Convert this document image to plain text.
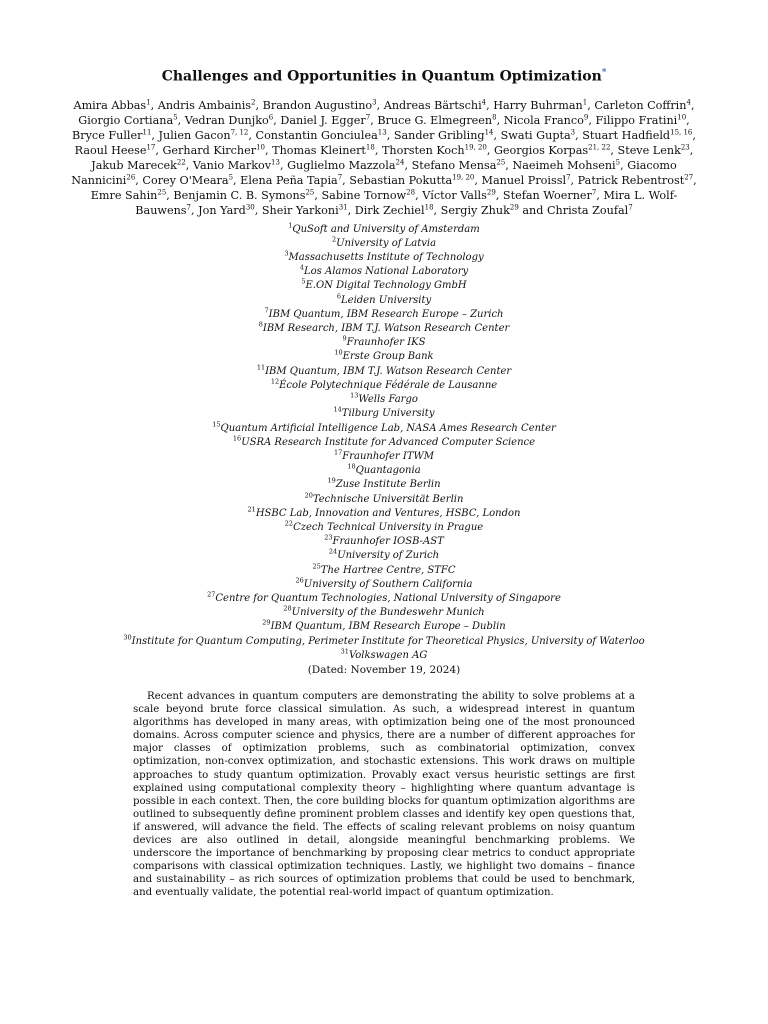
Challenges and Opportunities in Quantum Optimization*
Amira Abbas$^1$, Andris Ambainis$^2$, Brandon Augustino$^3$, Andreas Bärtschi$^4$, Harry Buhrman$^1$, Carleton Coffrin$^4$, Giorgio Cortiana$^5$, Vedran Dunjko$^6$, Daniel J. Egger$^7$, Bruce G. Elmegreen$^8$, Nicola Franco$^9$, Filippo Fratini$^{10}$, Bryce Fuller$^{11}$, Julien Gacon$^{7, 12}$, Constantin Gonciulea$^{13}$, Sander Gribling$^{14}$, Swati Gupta$^3$, Stuart Hadfield$^{15, 16}$, Raoul Heese$^{17}$, Gerhard Kircher$^{10}$, Thomas Kleinert$^{18}$, Thorsten Koch$^{19, 20}$, Georgios Korpas$^{21, 22}$, Steve Lenk$^{23}$, Jakub Marecek$^{22}$, Vanio Markov$^{13}$, Guglielmo Mazzola$^{24}$, Stefano Mensa$^{25}$, Naeimeh Mohseni$^5$, Giacomo Nannicini$^{26}$, Corey O'Meara$^5$, Elena Peña Tapia$^7$, Sebastian Pokutta$^{19, 20}$, Manuel Proissl$^7$, Patrick Rebentrost$^{27}$, Emre Sahin$^{25}$, Benjamin C. B. Symons$^{25}$, Sabine Tornow$^{28}$, Víctor Valls$^{29}$, Stefan Woerner$^7$, Mira L. Wolf-Bauwens$^7$, Jon Yard$^{30}$, Sheir Yarkoni$^{31}$, Dirk Zechiel$^{18}$, Sergiy Zhuk$^{29}$ and Christa Zoufal$^7$
$^1$QuSoft and University of Amsterdam
$^2$University of Latvia
$^3$Massachusetts Institute of Technology
$^4$Los Alamos National Laboratory
$^5$E.ON Digital Technology GmbH
$^6$Leiden University
$^7$IBM Quantum, IBM Research Europe – Zurich
$^8$IBM Research, IBM T.J. Watson Research Center
$^9$Fraunhofer IKS
$^{10}$Erste Group Bank
$^{11}$IBM Quantum, IBM T.J. Watson Research Center
$^{12}$École Polytechnique Fédérale de Lausanne
$^{13}$Wells Fargo
$^{14}$Tilburg University
$^{15}$Quantum Artificial Intelligence Lab, NASA Ames Research Center
$^{16}$USRA Research Institute for Advanced Computer Science
$^{17}$Fraunhofer ITWM
$^{18}$Quantagonia
$^{19}$Zuse Institute Berlin
$^{20}$Technische Universität Berlin
$^{21}$HSBC Lab, Innovation and Ventures, HSBC, London
$^{22}$Czech Technical University in Prague
$^{23}$Fraunhofer IOSB-AST
$^{24}$University of Zurich
$^{25}$The Hartree Centre, STFC
$^{26}$University of Southern California
$^{27}$Centre for Quantum Technologies, National University of Singapore
$^{28}$University of the Bundeswehr Munich
$^{29}$IBM Quantum, IBM Research Europe – Dublin
$^{30}$Institute for Quantum Computing, Perimeter Institute for Theoretical Physics, University of Waterloo
$^{31}$Volkswagen AG
(Dated: November 19, 2024)

Recent advances in quantum computers are demonstrating the ability to solve problems at a scale beyond brute force classical simulation. As such, a widespread interest in quantum algorithms has developed in many areas, with optimization being one of the most pronounced domains. Across computer science and physics, there are a number of different approaches for major classes of optimization problems, such as combinatorial optimization, convex optimization, non-convex optimization, and stochastic extensions. This work draws on multiple approaches to study quantum optimization. Provably exact versus heuristic settings are first explained using computational complexity theory – highlighting where quantum advantage is possible in each context. Then, the core building blocks for quantum optimization algorithms are outlined to subsequently define prominent problem classes and identify key open questions that, if answered, will advance the field. The effects of scaling relevant problems on noisy quantum devices are also outlined in detail, alongside meaningful benchmarking problems. We underscore the importance of benchmarking by proposing clear metrics to conduct appropriate comparisons with classical optimization techniques. Lastly, we highlight two domains – finance and sustainability – as rich sources of optimization problems that could be used to benchmark, and eventually validate, the potential real-world impact of quantum optimization.
